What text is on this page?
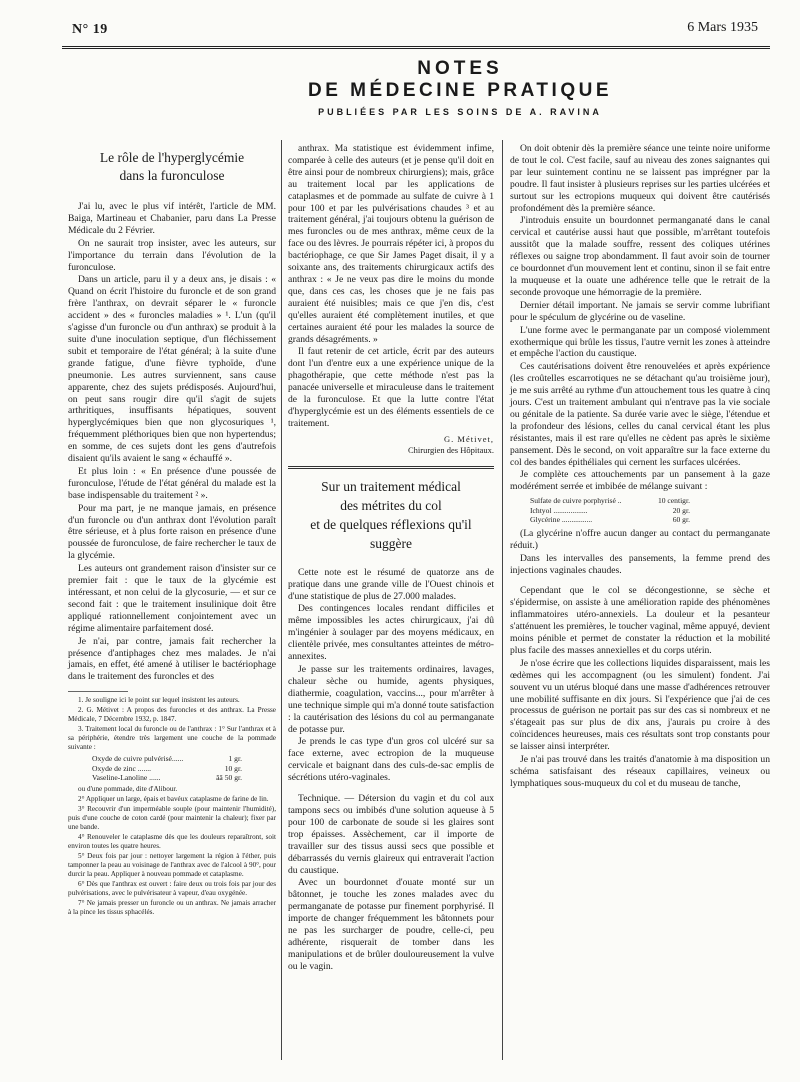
N° 19	6 Mars 1935
NOTES
DE MÉDECINE PRATIQUE
PUBLIÉES PAR LES SOINS DE A. RAVINA
Le rôle de l'hyperglycémie
dans la furonculose

J'ai lu, avec le plus vif intérêt, l'article de MM. Baiga, Martineau et Chabanier, paru dans La Presse Médicale du 2 Février.

On ne saurait trop insister, avec les auteurs, sur l'importance du terrain dans l'évolution de la furonculose.

Dans un article, paru il y a deux ans, je disais : « Quand on écrit l'histoire du furoncle et de son grand frère l'anthrax, on devrait séparer le « furoncle accident » des « furoncles maladies » ¹. L'un (qu'il s'agisse d'un furoncle ou d'un anthrax) se produit à la suite d'une inoculation septique, d'un fléchissement subit et temporaire de l'état général; à la suite d'une grande fatigue, d'une fièvre typhoïde, d'une pneumonie. Les autres surviennent, sans cause apparente, chez des sujets prédisposés. Aujourd'hui, on peut sans rougir dire qu'il s'agit de sujets arthritiques, insuffisants hépatiques, souvent hyperglycémiques bien que non glycosuriques ¹, fréquemment pléthoriques bien que non hypertendus; en somme, de ces sujets dont les gens d'autrefois disaient qu'ils avaient le sang « échauffé ».

Et plus loin : « En présence d'une poussée de furonculose, l'étude de l'état général du malade est la base indispensable du traitement ² ».

Pour ma part, je ne manque jamais, en présence d'un furoncle ou d'un anthrax dont l'évolution paraît être sérieuse, et à plus forte raison en présence d'une poussée de furonculose, de faire rechercher le taux de la glycémie.

Les auteurs ont grandement raison d'insister sur ce premier fait : que le taux de la glycémie est intéressant, et non celui de la glycosurie, — et sur ce second fait : que le traitement insulinique doit être appliqué rationnellement conjointement avec un régime alimentaire parfaitement dosé.

Je n'ai, par contre, jamais fait rechercher la présence d'antiphages chez mes malades. Je n'ai jamais, en effet, été amené à utiliser le bactériophage dans le traitement des furoncles et des

1. Je souligne ici le point sur lequel insistent les auteurs.

2. G. Métivet : A propos des furoncles et des anthrax. La Presse Médicale, 7 Décembre 1932, p. 1847.

3. Traitement local du furoncle ou de l'anthrax : 1° Sur l'anthrax et à sa périphérie, étendre très largement une couche de la pommade suivante :

Oxyde de cuivre pulvérisé......	1 gr.
Oxyde de zinc .......	10 gr.
Vaseline-Lanoline ......	ãã 50 gr.

ou d'une pommade, dite d'Alibour.

2° Appliquer un large, épais et bavéux cataplasme de farine de lin.

3° Recouvrir d'un imperméable souple (pour maintenir l'humidité), puis d'une couche de coton cardé (pour maintenir la chaleur); fixer par une bande.

4° Renouveler le cataplasme dès que les douleurs reparaîtront, soit environ toutes les quatre heures.

5° Deux fois par jour : nettoyer largement la région à l'éther, puis tamponner la peau au voisinage de l'anthrax avec de l'alcool à 90°, pour durcir la peau. Appliquer à nouveau pommade et cataplasme.

6° Dès que l'anthrax est ouvert : faire deux ou trois fois par jour des pulvérisations, avec le pulvérisateur à vapeur, d'eau oxygénée.

7° Ne jamais presser un furoncle ou un anthrax. Ne jamais arracher à la pince les tissus sphacélés.

anthrax. Ma statistique est évidemment infime, comparée à celle des auteurs (et je pense qu'il doit en être ainsi pour de nombreux chirurgiens); mais, grâce au traitement local par les applications de cataplasmes et de pommade au sulfate de cuivre à 1 pour 100 et par les pulvérisations chaudes ³ et au traitement général, j'ai toujours obtenu la guérison de mes furoncles ou de mes anthrax, même ceux de la face ou des lèvres. Je pourrais répéter ici, à propos du bactériophage, ce que Sir James Paget disait, il y a soixante ans, des traitements chirurgicaux actifs des anthrax : « Je ne veux pas dire le moins du monde que, dans ces cas, les choses que je ne fais pas auraient été nuisibles; mais ce que j'en dis, c'est qu'elles auraient été complètement inutiles, et que certaines auraient été pour les malades la source de grands désagréments. »

Il faut retenir de cet article, écrit par des auteurs dont l'un d'entre eux a une expérience unique de la phagothérapie, que cette méthode n'est pas la panacée universelle et miraculeuse dans le traitement de la furonculose. Et que la lutte contre l'état d'hyperglycémie est un des éléments essentiels de ce traitement.

G. Métivet,
Chirurgien des Hôpitaux.
Sur un traitement médical
des métrites du col
et de quelques réflexions qu'il suggère

Cette note est le résumé de quatorze ans de pratique dans une grande ville de l'Ouest chinois et d'une statistique de plus de 27.000 malades.

Des contingences locales rendant difficiles et même impossibles les actes chirurgicaux, j'ai dû m'ingénier à soulager par des moyens médicaux, en clientèle privée, mes consultantes atteintes de métro-annexites.

Je passe sur les traitements ordinaires, lavages, chaleur sèche ou humide, agents physiques, diathermie, coagulation, vaccins..., pour m'arrêter à une technique simple qui m'a donné toute satisfaction : la cautérisation des lésions du col au permanganate de potasse pur.

Je prends le cas type d'un gros col ulcéré sur sa face externe, avec ectropion de la muqueuse cervicale et baignant dans des culs-de-sac emplis de sécrétions utéro-vaginales.

Technique. — Détersion du vagin et du col aux tampons secs ou imbibés d'une solution aqueuse à 5 pour 100 de carbonate de soude si les glaires sont trop épaisses. Assèchement, car il importe de travailler sur des tissus aussi secs que possible et débarrassés du vernis glaireux qui entraverait l'action du caustique.

Avec un bourdonnet d'ouate monté sur un bâtonnet, je touche les zones malades avec du permanganate de potasse pur finement porphyrisé. Il importe de changer fréquemment les bâtonnets pour ne pas les surcharger de poudre, celle-ci, peu adhérente, risquerait de tomber dans les manipulations et de brûler douloureusement la vulve ou le vagin.

On doit obtenir dès la première séance une teinte noire uniforme de tout le col. C'est facile, sauf au niveau des zones saignantes qui par leur suintement continu ne se laissent pas imprégner par la poudre. Il faut insister à plusieurs reprises sur les parties ulcérées et surtout sur les ectropions muqueux qui doivent être cautérisés profondément dès la première séance.

J'introduis ensuite un bourdonnet permanganaté dans le canal cervical et cautérise aussi haut que possible, m'arrêtant toutefois aussitôt que la malade souffre, ressent des coliques utérines réflexes ou saigne trop abondamment. Il faut avoir soin de tourner ce bourdonnet d'un mouvement lent et continu, sinon il se fait entre la muqueuse et la ouate une adhérence telle que le retrait de la seconde provoque une hémorragie de la première.

Dernier détail important. Ne jamais se servir comme lubrifiant pour le spéculum de glycérine ou de vaseline.

L'une forme avec le permanganate par un composé violemment exothermique qui brûle les tissus, l'autre vernit les zones à atteindre et empêche l'action du caustique.

Ces cautérisations doivent être renouvelées et après expérience (les croûtelles escarrotiques ne se détachant qu'au troisième jour), je me suis arrêté au rythme d'un attouchement tous les quatre à cinq jours. C'est un traitement ambulant qui n'entrave pas la vie sociale ou génitale de la patiente. Sa durée varie avec le siège, l'étendue et la profondeur des lésions, celles du canal cervical étant les plus résistantes, mais il est rare qu'elles ne cèdent pas après le sixième pansement. Dès le second, on voit apparaître sur la face externe du col des bandes épithéliales qui cernent les surfaces ulcérées.

Je complète ces attouchements par un pansement à la gaze modérément serrée et imbibée de mélange suivant :

Sulfate de cuivre porphyrisé ..	10 centigr.
Ichtyol ..................	20 gr.
Glycérine ................	60 gr.

(La glycérine n'offre aucun danger au contact du permanganate réduit.)

Dans les intervalles des pansements, la femme prend des injections vaginales chaudes.

Cependant que le col se décongestionne, se sèche et s'épidermise, on assiste à une amélioration rapide des phénomènes inflammatoires utéro-annexiels. La douleur et la pesanteur s'atténuent les premières, le toucher vaginal, même appuyé, devient moins pénible et permet de constater la réduction et la mobilité plus facile des masses annexielles et du corps utérin.

Je n'ose écrire que les collections liquides disparaissent, mais les œdèmes qui les accompagnent (ou les simulent) fondent. J'ai souvent vu un utérus bloqué dans une masse d'adhérences retrouver une mobilité suffisante en dix jours. Si l'expérience que j'ai de ces processus de guérison ne portait pas sur des cas si nombreux et ne s'étageait pas sur plus de dix ans, j'aurais pu croire à des coïncidences heureuses, mais ces résultats sont trop constants pour se laisser ainsi interpréter.

Je n'ai pas trouvé dans les traités d'anatomie à ma disposition un schéma satisfaisant des réseaux capillaires, veineux ou lymphatiques sous-muqueux du col et du museau de tanche,
